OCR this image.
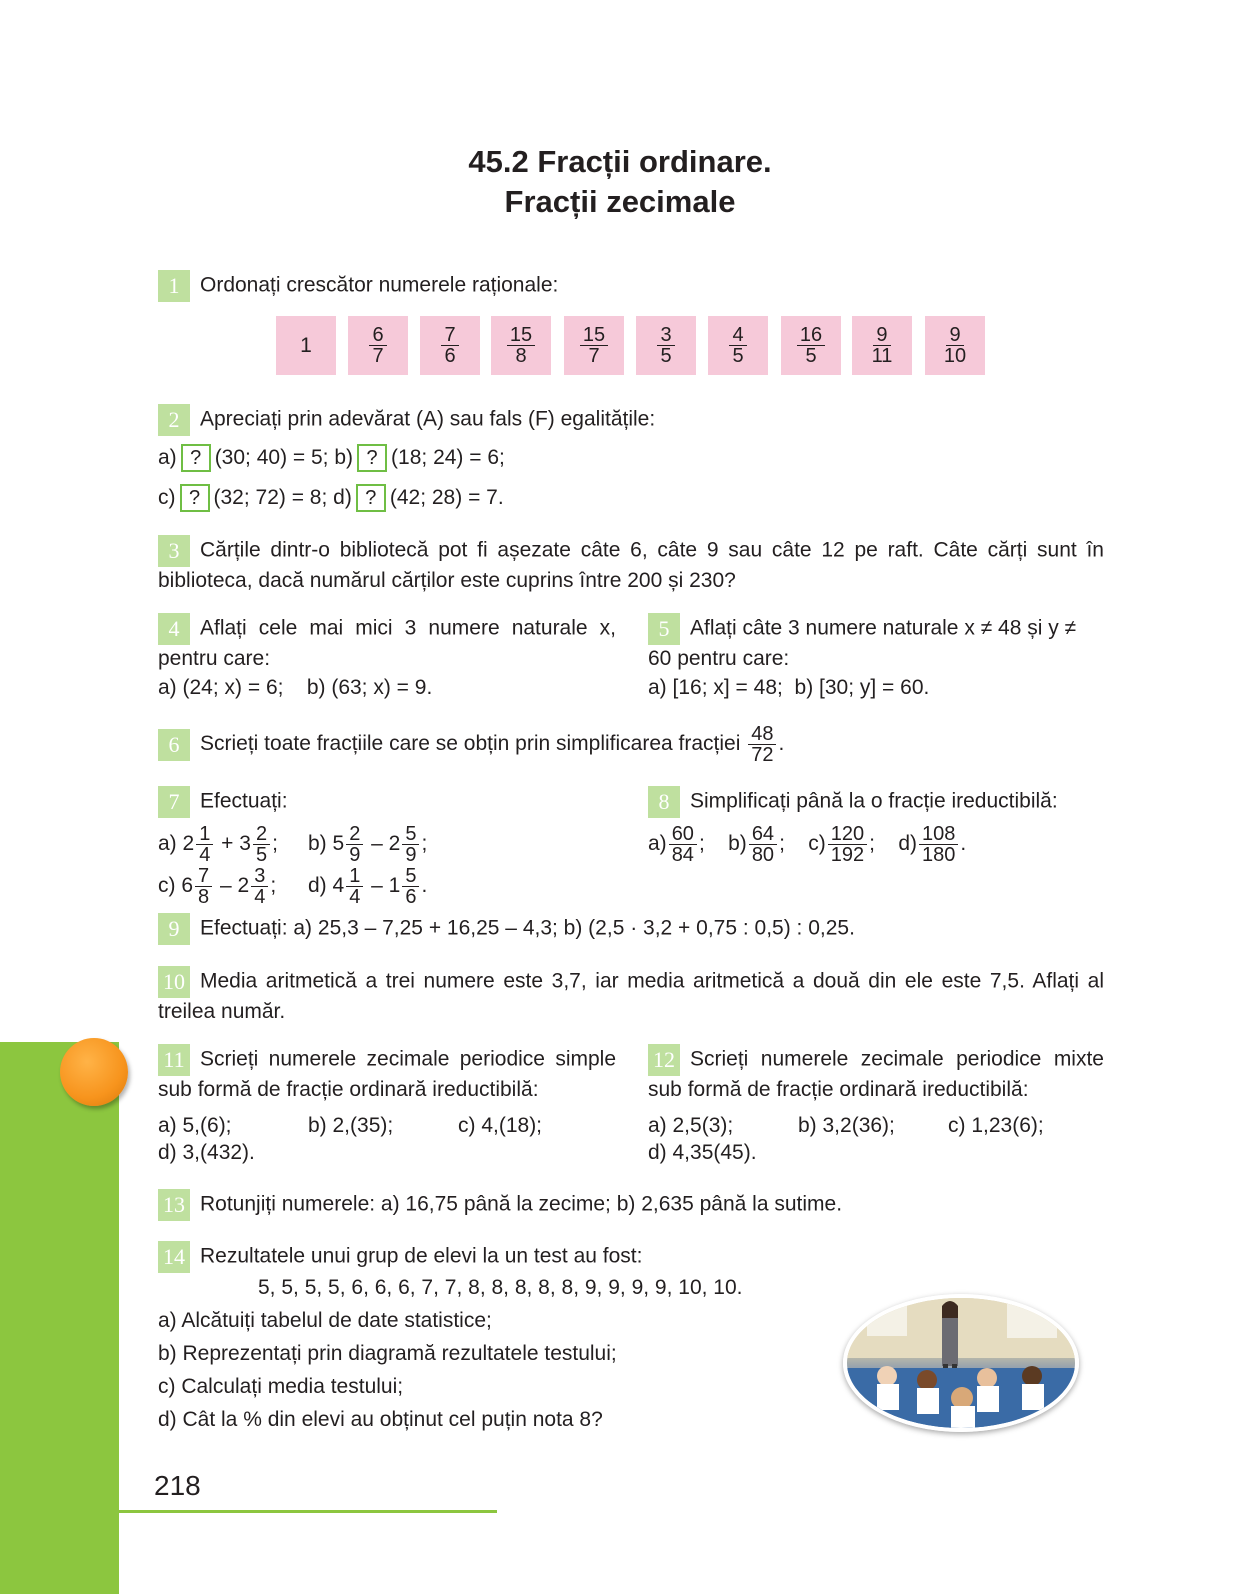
45.2 Fracții ordinare.
Fracții zecimale
1 Ordonați crescător numerele raționale:
1	$\frac{6}{7}$	$\frac{7}{6} \frac{15}{8} \frac{15}{7} \frac{3}{5}$	$\frac{4}{5}$	$\frac{16}{5} \frac{9}{11} \frac{9}{10}$
2 Apreciați prin adevărat (A) sau fals (F) egalitățile:
a) ? (30; 40) = 5; b) ? (18; 24) = 6;
c) ? (32; 72) = 8; d) ? (42; 28) = 7.
3 Cărțile dintr-o bibliotecă pot fi așezate câte 6, câte 9 sau câte 12 pe raft. Câte cărți sunt în biblioteca, dacă numărul cărților este cuprins între 200 și 230?
4 Aflați cele mai mici 3 numere naturale x, pentru care:
a) (24; x) = 6; b) (63; x) = 9.
5 Aflați câte 3 numere naturale x ≠ 48 și y ≠ 60 pentru care:
a) [16; x] = 48; b) [30; y] = 60.
6 Scrieți toate fracțiile care se obțin prin simplificarea fracției $\frac{48}{72}$ .
7 Efectuați:
a) $2 \frac{1}{4} + 3 \frac{2}{5}$ ; b) $5 \frac{2}{9} - 2 \frac{5}{9}$ ;
c) $6 \frac{7}{8} - 2 \frac{3}{4}$ ; d) $4 \frac{1}{4} - 1 \frac{5}{6}$ .
8 Simplificați până la o fracție ireductibilă:
$a) \frac{60}{84}$ ; $b) \frac{64}{80}$ ; $c) \frac{120}{192}$ ; $d) \frac{108}{180}$ .
9 Efectuați: a) 25,3 – 7,25 + 16,25 – 4,3; b) (2,5 · 3,2 + 0,75 : 0,5) : 0,25.
10 Media aritmetică a trei numere este 3,7, iar media aritmetică a două din ele este 7,5. Aflați al treilea număr.
11 Scrieți numerele zecimale periodice simple sub formă de fracție ordinară ireductibilă:
a) 5,(6);	b) 2,(35);	c) 4,(18);
d) 3,(432).
12 Scrieți numerele zecimale periodice mixte sub formă de fracție ordinară ireductibilă:
a) 2,5(3);	b) 3,2(36);	c) 1,23(6);
d) 4,35(45).
13 Rotunjiți numerele: a) 16,75 până la zecime; b) 2,635 până la sutime.
14 Rezultatele unui grup de elevi la un test au fost:
5, 5, 5, 5, 6, 6, 6, 7, 7, 8, 8, 8, 8, 8, 9, 9, 9, 9, 10, 10.
a) Alcătuiți tabelul de date statistice;
b) Reprezentați prin diagramă rezultatele testului;
c) Calculați media testului;
d) Cât la % din elevi au obținut cel puțin nota 8?
218
